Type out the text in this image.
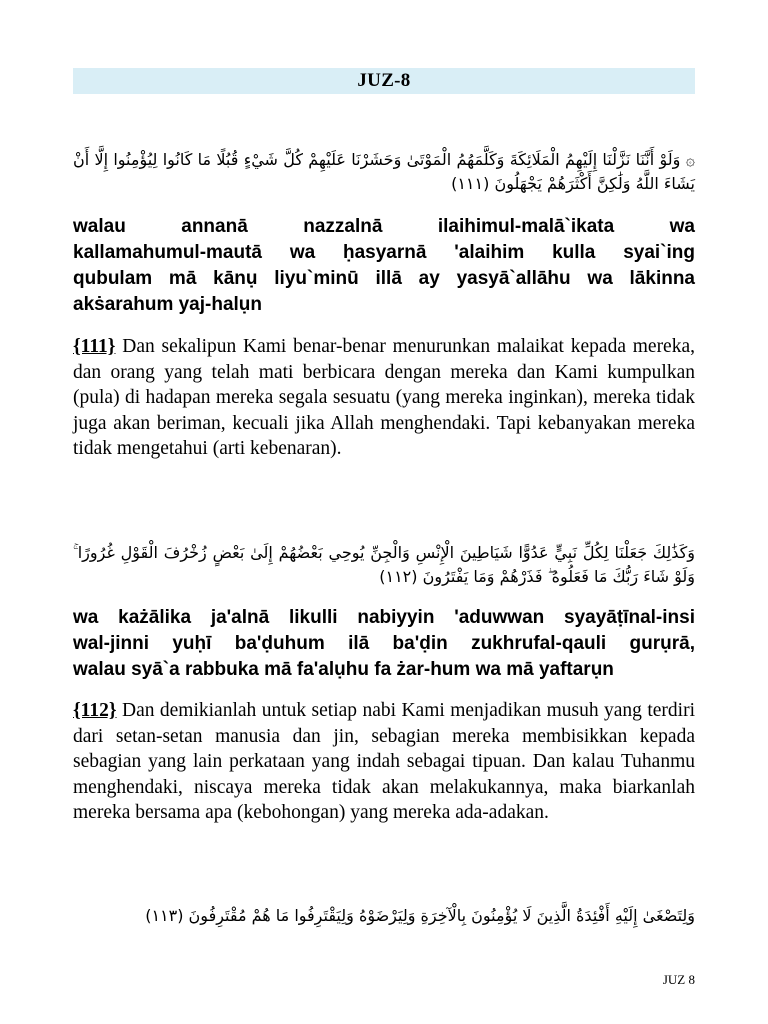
JUZ-8
۞ وَلَوْ أَنَّنَا نَزَّلْنَا إِلَيْهِمُ الْمَلَائِكَةَ وَكَلَّمَهُمُ الْمَوْتَىٰ وَحَشَرْنَا عَلَيْهِمْ كُلَّ شَيْءٍ قُبُلًا مَا كَانُوا لِيُؤْمِنُوا إِلَّا أَنْ يَشَاءَ اللَّهُ وَلَٰكِنَّ أَكْثَرَهُمْ يَجْهَلُونَ (١١١)
walau annanā nazzalnā ilaihimul-malā`ikata wa
kallamahumul-mautā wa ḥasyarnā 'alaihim kulla syai`ing
qubulam mā kānụ liyu`minū illā ay yasyā`allāhu wa lākinna
akṡarahum yaj-halụn
{111} Dan sekalipun Kami benar-benar menurunkan malaikat kepada mereka, dan orang yang telah mati berbicara dengan mereka dan Kami kumpulkan (pula) di hadapan mereka segala sesuatu (yang mereka inginkan), mereka tidak juga akan beriman, kecuali jika Allah menghendaki. Tapi kebanyakan mereka tidak mengetahui (arti kebenaran).
وَكَذَٰلِكَ جَعَلْنَا لِكُلِّ نَبِيٍّ عَدُوًّا شَيَاطِينَ الْإِنْسِ وَالْجِنِّ يُوحِي بَعْضُهُمْ إِلَىٰ بَعْضٍ زُخْرُفَ الْقَوْلِ غُرُورًا ۚ وَلَوْ شَاءَ رَبُّكَ مَا فَعَلُوهُ ۖ فَذَرْهُمْ وَمَا يَفْتَرُونَ (١١٢)
wa każālika ja'alnā likulli nabiyyin 'aduwwan syayāṭīnal-insi
wal-jinni yuḥī ba'ḍuhum ilā ba'ḍin zukhrufal-qauli gurụrā,
walau syā`a rabbuka mā fa'alụhu fa żar-hum wa mā yaftarụn
{112} Dan demikianlah untuk setiap nabi Kami menjadikan musuh yang terdiri dari setan-setan manusia dan jin, sebagian mereka membisikkan kepada sebagian yang lain perkataan yang indah sebagai tipuan. Dan kalau Tuhanmu menghendaki, niscaya mereka tidak akan melakukannya, maka biarkanlah mereka bersama apa (kebohongan) yang mereka ada-adakan.
وَلِتَصْغَىٰ إِلَيْهِ أَفْئِدَةُ الَّذِينَ لَا يُؤْمِنُونَ بِالْآخِرَةِ وَلِيَرْضَوْهُ وَلِيَقْتَرِفُوا مَا هُمْ مُقْتَرِفُونَ (١١٣)
JUZ 8
